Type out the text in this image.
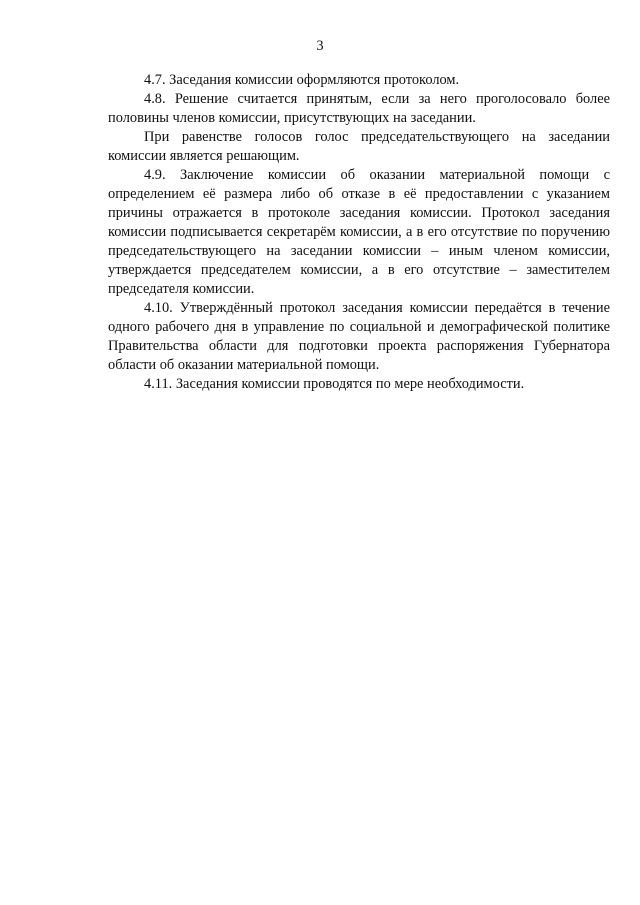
3

4.7. Заседания комиссии оформляются протоколом.

4.8. Решение считается принятым, если за него проголосовало более половины членов комиссии, присутствующих на заседании.

При равенстве голосов голос председательствующего на заседании комиссии является решающим.

4.9. Заключение комиссии об оказании материальной помощи с определением её размера либо об отказе в её предоставлении с указанием причины отражается в протоколе заседания комиссии. Протокол заседания комиссии подписывается секретарём комиссии, а в его отсутствие по поручению председательствующего на заседании комиссии – иным членом комиссии, утверждается председателем комиссии, а в его отсутствие – заместителем председателя комиссии.

4.10. Утверждённый протокол заседания комиссии передаётся в течение одного рабочего дня в управление по социальной и демографической политике Правительства области для подготовки проекта распоряжения Губернатора области об оказании материальной помощи.

4.11. Заседания комиссии проводятся по мере необходимости.
